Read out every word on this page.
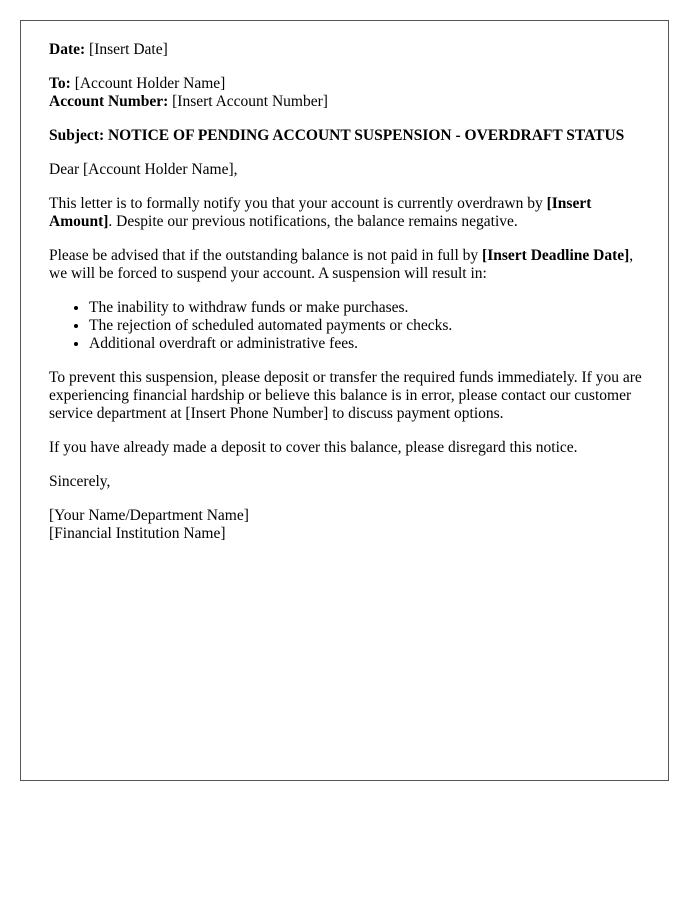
Date: [Insert Date]

To: [Account Holder Name]

Account Number: [Insert Account Number]

Subject: NOTICE OF PENDING ACCOUNT SUSPENSION - OVERDRAFT STATUS

Dear [Account Holder Name],

This letter is to formally notify you that your account is currently overdrawn by [Insert Amount]. Despite our previous notifications, the balance remains negative.

Please be advised that if the outstanding balance is not paid in full by [Insert Deadline Date], we will be forced to suspend your account. A suspension will result in:

• The inability to withdraw funds or make purchases.
• The rejection of scheduled automated payments or checks.
• Additional overdraft or administrative fees.

To prevent this suspension, please deposit or transfer the required funds immediately. If you are experiencing financial hardship or believe this balance is in error, please contact our customer service department at [Insert Phone Number] to discuss payment options.

If you have already made a deposit to cover this balance, please disregard this notice.

Sincerely,

[Your Name/Department Name]

[Financial Institution Name]
